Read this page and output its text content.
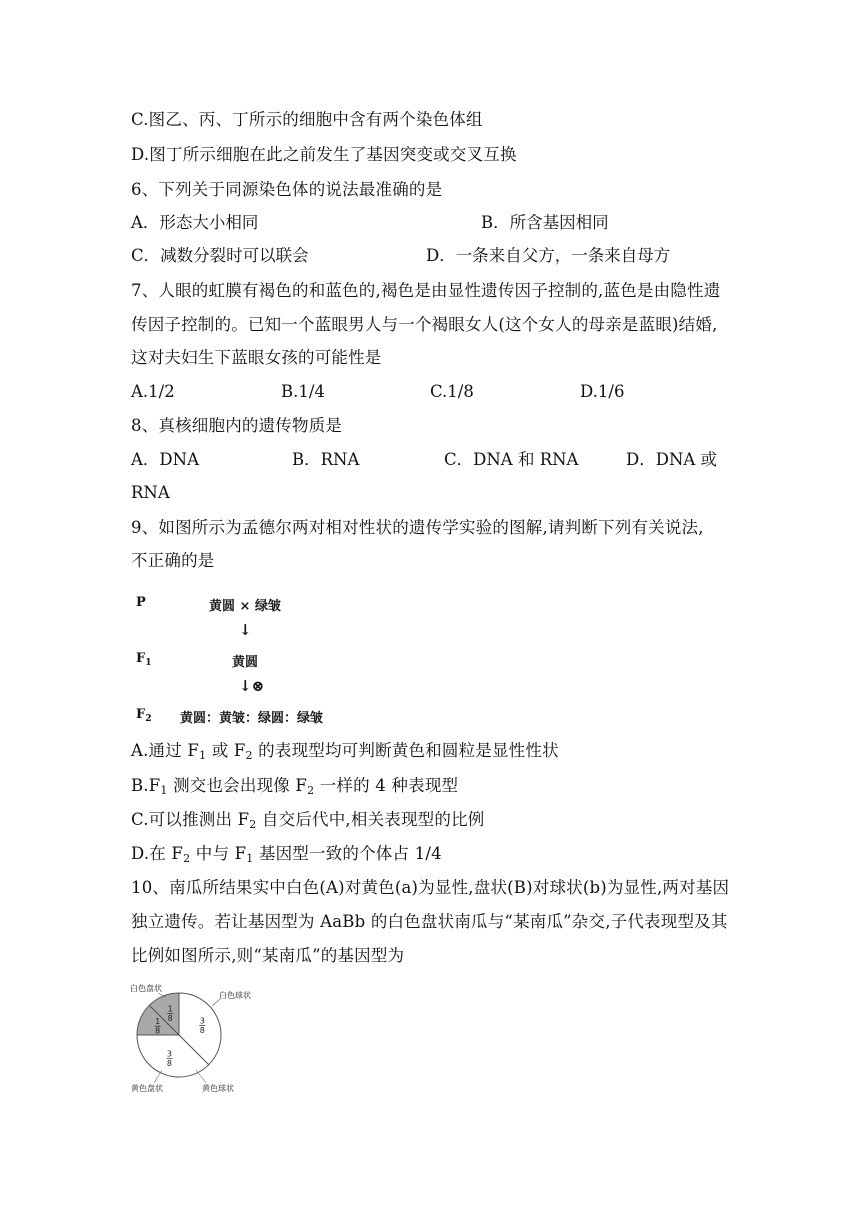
C.图乙、丙、丁所示的细胞中含有两个染色体组
D.图丁所示细胞在此之前发生了基因突变或交叉互换
6、下列关于同源染色体的说法最准确的是
A．形态大小相同	B．所含基因相同
C．减数分裂时可以联会	D．一条来自父方，一条来自母方
7、人眼的虹膜有褐色的和蓝色的,褐色是由显性遗传因子控制的,蓝色是由隐性遗
传因子控制的。已知一个蓝眼男人与一个褐眼女人(这个女人的母亲是蓝眼)结婚,
这对夫妇生下蓝眼女孩的可能性是
A.1/2	B.1/4	C.1/8	D.1/6
8、真核细胞内的遗传物质是
A．DNA	B．RNA	C．DNA 和 RNA	D．DNA 或
RNA
9、如图所示为孟德尔两对相对性状的遗传学实验的图解,请判断下列有关说法,
不正确的是
P	黄圆 × 绿皱
↓
$F_1$	黄圆
↓⊗
$F_2$ 黄圆：黄皱：绿圆：绿皱
A.通过 $F_1$ 或 $F_2$ 的表现型均可判断黄色和圆粒是显性性状
$B.F_1$ 测交也会出现像 $F_2$ 一样的 4 种表现型
C.可以推测出 $F_2$ 自交后代中,相关表现型的比例
D.在 $F_2$ 中与 $F_1$ 基因型一致的个体占 1/4
10、南瓜所结果实中白色(A)对黄色(a)为显性,盘状(B)对球状(b)为显性,两对基因
独立遗传。若让基因型为 AaBb 的白色盘状南瓜与“某南瓜”杂交,子代表现型及其
比例如图所示,则“某南瓜”的基因型为
3
8
3
8
1
8
1
8
白色盘状
白色球状
黄色球状
黄色盘状
